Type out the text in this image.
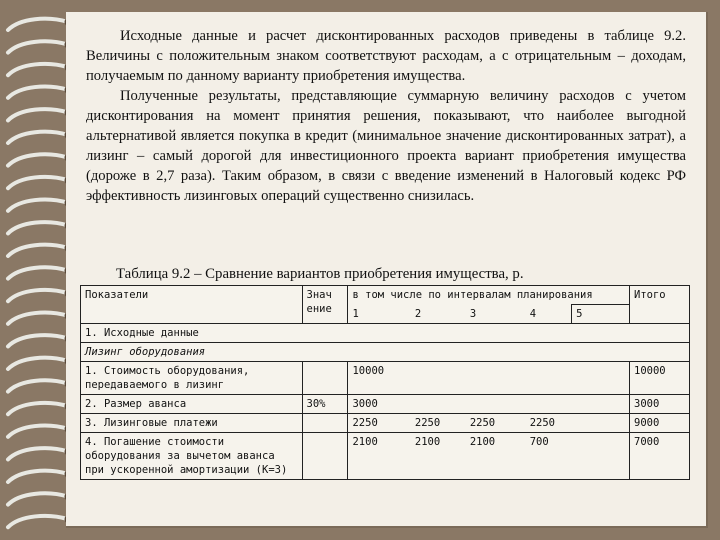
Исходные данные и расчет дисконтированных расходов приведены в таблице 9.2. Величины с положительным знаком соответствуют расходам, а с отрицательным – доходам, получаемым по данному варианту приобретения имущества.

Полученные результаты, представляющие суммарную величину расходов с учетом дисконтирования на момент принятия решения, показывают, что наиболее выгодной альтернативой является покупка в кредит (минимальное значение дисконтированных затрат), а лизинг – самый дорогой для инвестиционного проекта вариант приобретения имущества (дороже в 2,7 раза). Таким образом, в связи с введение изменений в Налоговый кодекс РФ эффективность лизинговых операций существенно снизилась.

Таблица 9.2 – Сравнение вариантов приобретения имущества, р.
Показатели	Знач ение	в том числе по интервалам планирования					Итого
		1	2	3	4	5	
1. Исходные данные							
Лизинг оборудования							
1. Стоимость оборудования, передаваемого в лизинг		10000					10000
2. Размер аванса	30%	3000					3000
3. Лизинговые платежи		2250	2250	2250	2250		9000
4. Погашение стоимости оборудования за вычетом аванса при ускоренной амортизации (К=3)		2100	2100	2100	700		7000
